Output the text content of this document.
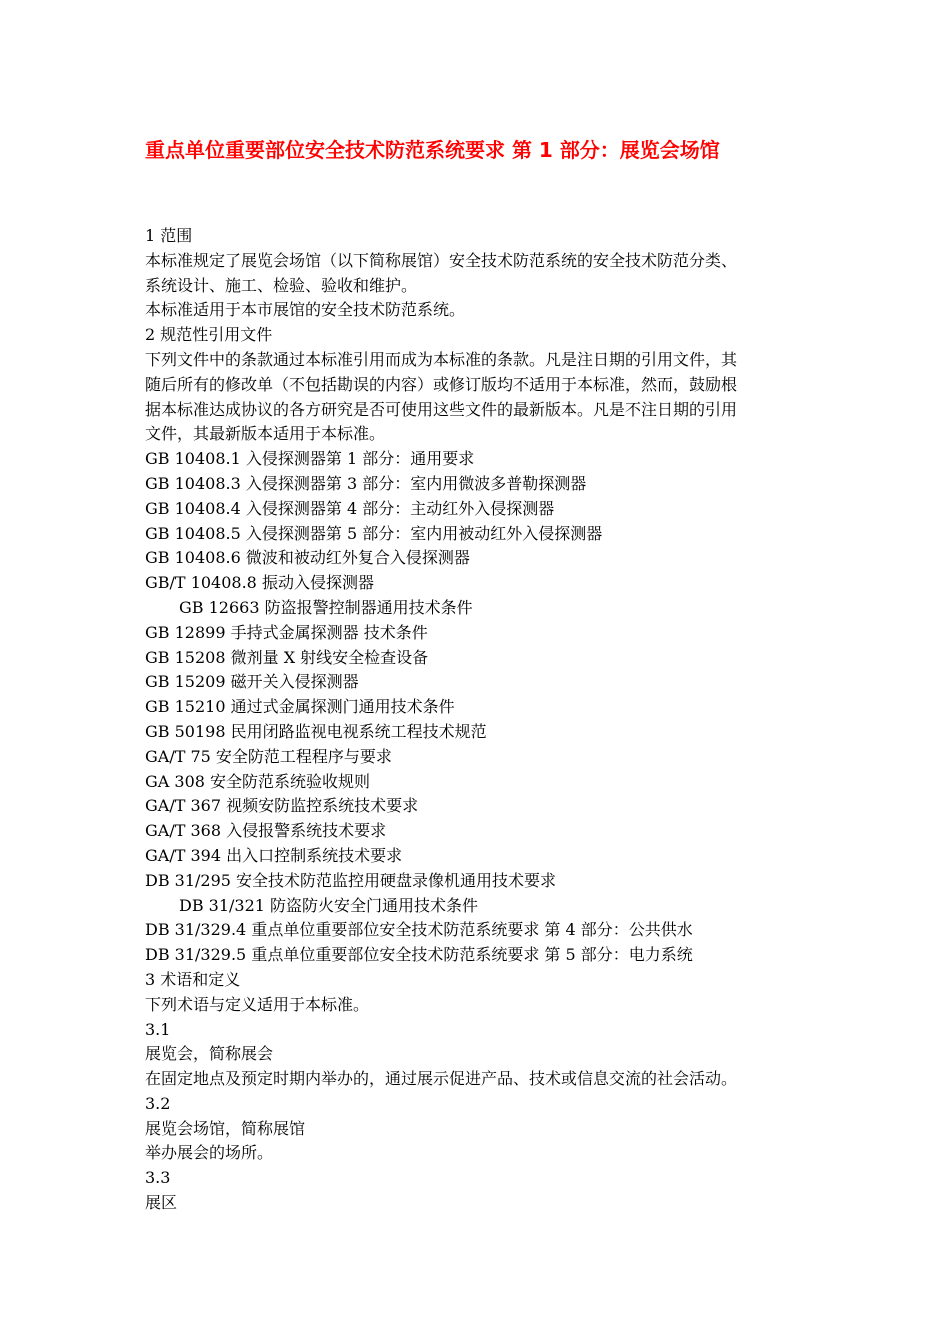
重点单位重要部位安全技术防范系统要求 第 1 部分：展览会场馆
1 范围
本标准规定了展览会场馆（以下简称展馆）安全技术防范系统的安全技术防范分类、
系统设计、施工、检验、验收和维护。
本标准适用于本市展馆的安全技术防范系统。
2 规范性引用文件
下列文件中的条款通过本标准引用而成为本标准的条款。凡是注日期的引用文件，其
随后所有的修改单（不包括勘误的内容）或修订版均不适用于本标准，然而，鼓励根
据本标准达成协议的各方研究是否可使用这些文件的最新版本。凡是不注日期的引用
文件，其最新版本适用于本标准。
GB 10408.1 入侵探测器第 1 部分：通用要求
GB 10408.3 入侵探测器第 3 部分：室内用微波多普勒探测器
GB 10408.4 入侵探测器第 4 部分：主动红外入侵探测器
GB 10408.5 入侵探测器第 5 部分：室内用被动红外入侵探测器
GB 10408.6 微波和被动红外复合入侵探测器
GB/T 10408.8 振动入侵探测器
GB 12663 防盗报警控制器通用技术条件
GB 12899 手持式金属探测器 技术条件
GB 15208 微剂量 X 射线安全检查设备
GB 15209 磁开关入侵探测器
GB 15210 通过式金属探测门通用技术条件
GB 50198 民用闭路监视电视系统工程技术规范
GA/T 75 安全防范工程程序与要求
GA 308 安全防范系统验收规则
GA/T 367 视频安防监控系统技术要求
GA/T 368 入侵报警系统技术要求
GA/T 394 出入口控制系统技术要求
DB 31/295 安全技术防范监控用硬盘录像机通用技术要求
DB 31/321 防盗防火安全门通用技术条件
DB 31/329.4 重点单位重要部位安全技术防范系统要求 第 4 部分：公共供水
DB 31/329.5 重点单位重要部位安全技术防范系统要求 第 5 部分：电力系统
3 术语和定义
下列术语与定义适用于本标准。
3.1
展览会，简称展会
在固定地点及预定时期内举办的，通过展示促进产品、技术或信息交流的社会活动。
3.2
展览会场馆，简称展馆
举办展会的场所。
3.3
展区
